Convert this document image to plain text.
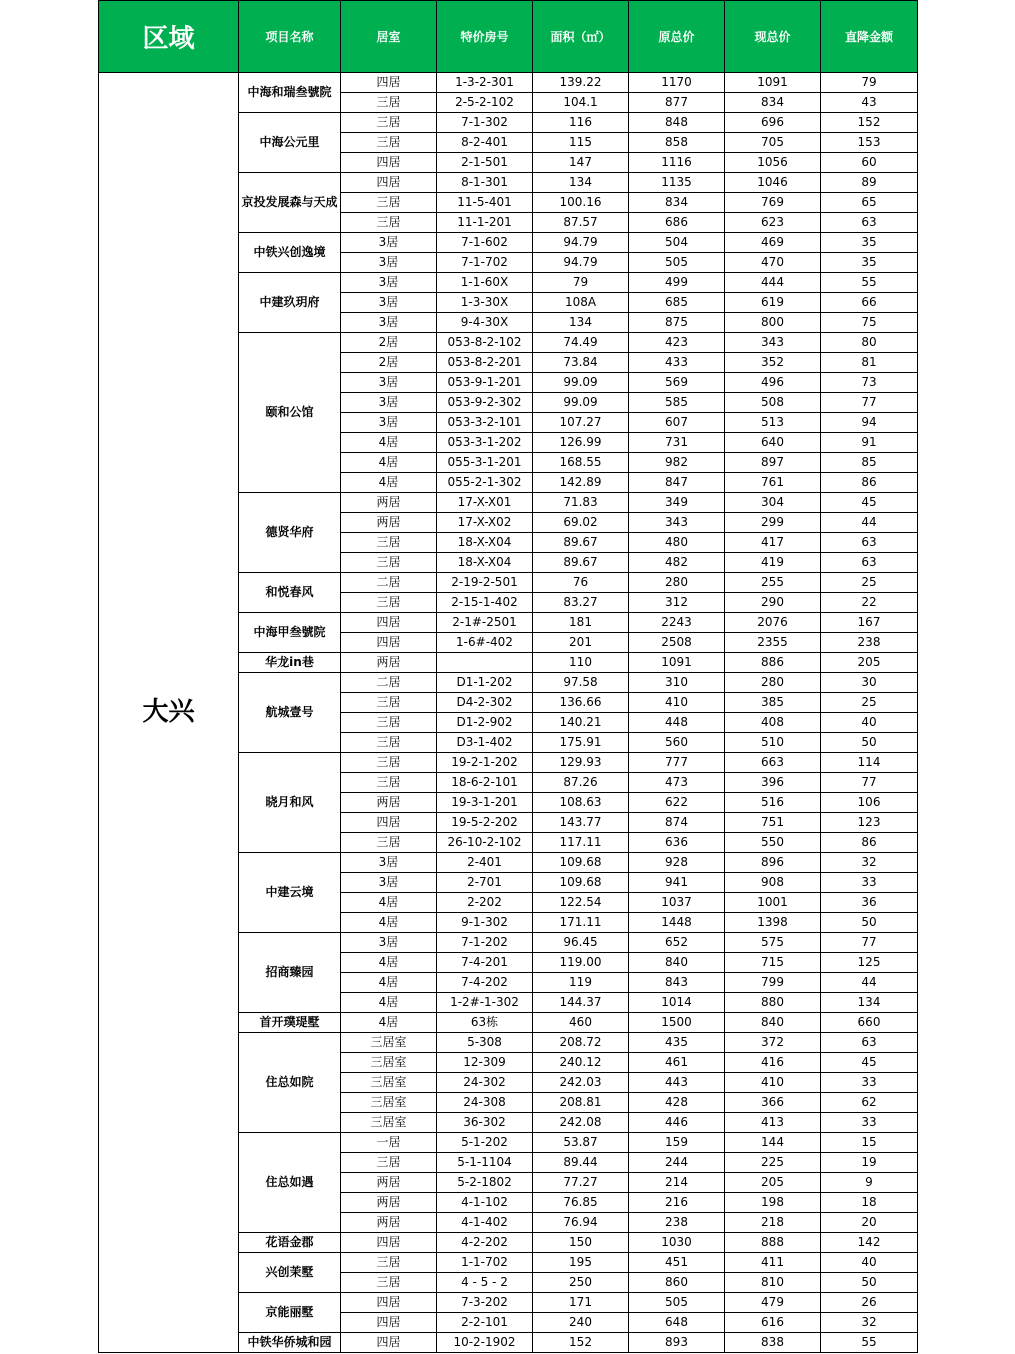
区域	项目名称	居室	特价房号	面积（㎡）	原总价	现总价	直降金额
大兴	中海和瑞叁號院	四居	1-3-2-301	139.22	1170	1091	79
		三居	2-5-2-102	104.1	877	834	43
	中海公元里	三居	7-1-302	116	848	696	152
		三居	8-2-401	115	858	705	153
		四居	2-1-501	147	1116	1056	60
	京投发展森与天成	四居	8-1-301	134	1135	1046	89
		三居	11-5-401	100.16	834	769	65
		三居	11-1-201	87.57	686	623	63
	中铁兴创逸境	3居	7-1-602	94.79	504	469	35
		3居	7-1-702	94.79	505	470	35
	中建玖玥府	3居	1-1-60X	79	499	444	55
		3居	1-3-30X	108A	685	619	66
		3居	9-4-30X	134	875	800	75
	颐和公馆	2居	053-8-2-102	74.49	423	343	80
		2居	053-8-2-201	73.84	433	352	81
		3居	053-9-1-201	99.09	569	496	73
		3居	053-9-2-302	99.09	585	508	77
		3居	053-3-2-101	107.27	607	513	94
		4居	053-3-1-202	126.99	731	640	91
		4居	055-3-1-201	168.55	982	897	85
		4居	055-2-1-302	142.89	847	761	86
	德贤华府	两居	17-X-X01	71.83	349	304	45
		两居	17-X-X02	69.02	343	299	44
		三居	18-X-X04	89.67	480	417	63
		三居	18-X-X04	89.67	482	419	63
	和悦春风	二居	2-19-2-501	76	280	255	25
		三居	2-15-1-402	83.27	312	290	22
	中海甲叁號院	四居	2-1#-2501	181	2243	2076	167
		四居	1-6#-402	201	2508	2355	238
	华龙in巷	两居		110	1091	886	205
	航城壹号	二居	D1-1-202	97.58	310	280	30
		三居	D4-2-302	136.66	410	385	25
		三居	D1-2-902	140.21	448	408	40
		三居	D3-1-402	175.91	560	510	50
	晓月和风	三居	19-2-1-202	129.93	777	663	114
		三居	18-6-2-101	87.26	473	396	77
		两居	19-3-1-201	108.63	622	516	106
		四居	19-5-2-202	143.77	874	751	123
		三居	26-10-2-102	117.11	636	550	86
	中建云境	3居	2-401	109.68	928	896	32
		3居	2-701	109.68	941	908	33
		4居	2-202	122.54	1037	1001	36
		4居	9-1-302	171.11	1448	1398	50
	招商臻园	3居	7-1-202	96.45	652	575	77
		4居	7-4-201	119.00	840	715	125
		4居	7-4-202	119	843	799	44
		4居	1-2#-1-302	144.37	1014	880	134
	首开璞瑅墅	4居	63栋	460	1500	840	660
	住总如院	三居室	5-308	208.72	435	372	63
		三居室	12-309	240.12	461	416	45
		三居室	24-302	242.03	443	410	33
		三居室	24-308	208.81	428	366	62
		三居室	36-302	242.08	446	413	33
	住总如遇	一居	5-1-202	53.87	159	144	15
		三居	5-1-1104	89.44	244	225	19
		两居	5-2-1802	77.27	214	205	9
		两居	4-1-102	76.85	216	198	18
		两居	4-1-402	76.94	238	218	20
	花语金郡	四居	4-2-202	150	1030	888	142
	兴创茉墅	三居	1-1-702	195	451	411	40
		三居	4 - 5 - 2	250	860	810	50
	京能丽墅	四居	7-3-202	171	505	479	26
		四居	2-2-101	240	648	616	32
	中铁华侨城和园	四居	10-2-1902	152	893	838	55
